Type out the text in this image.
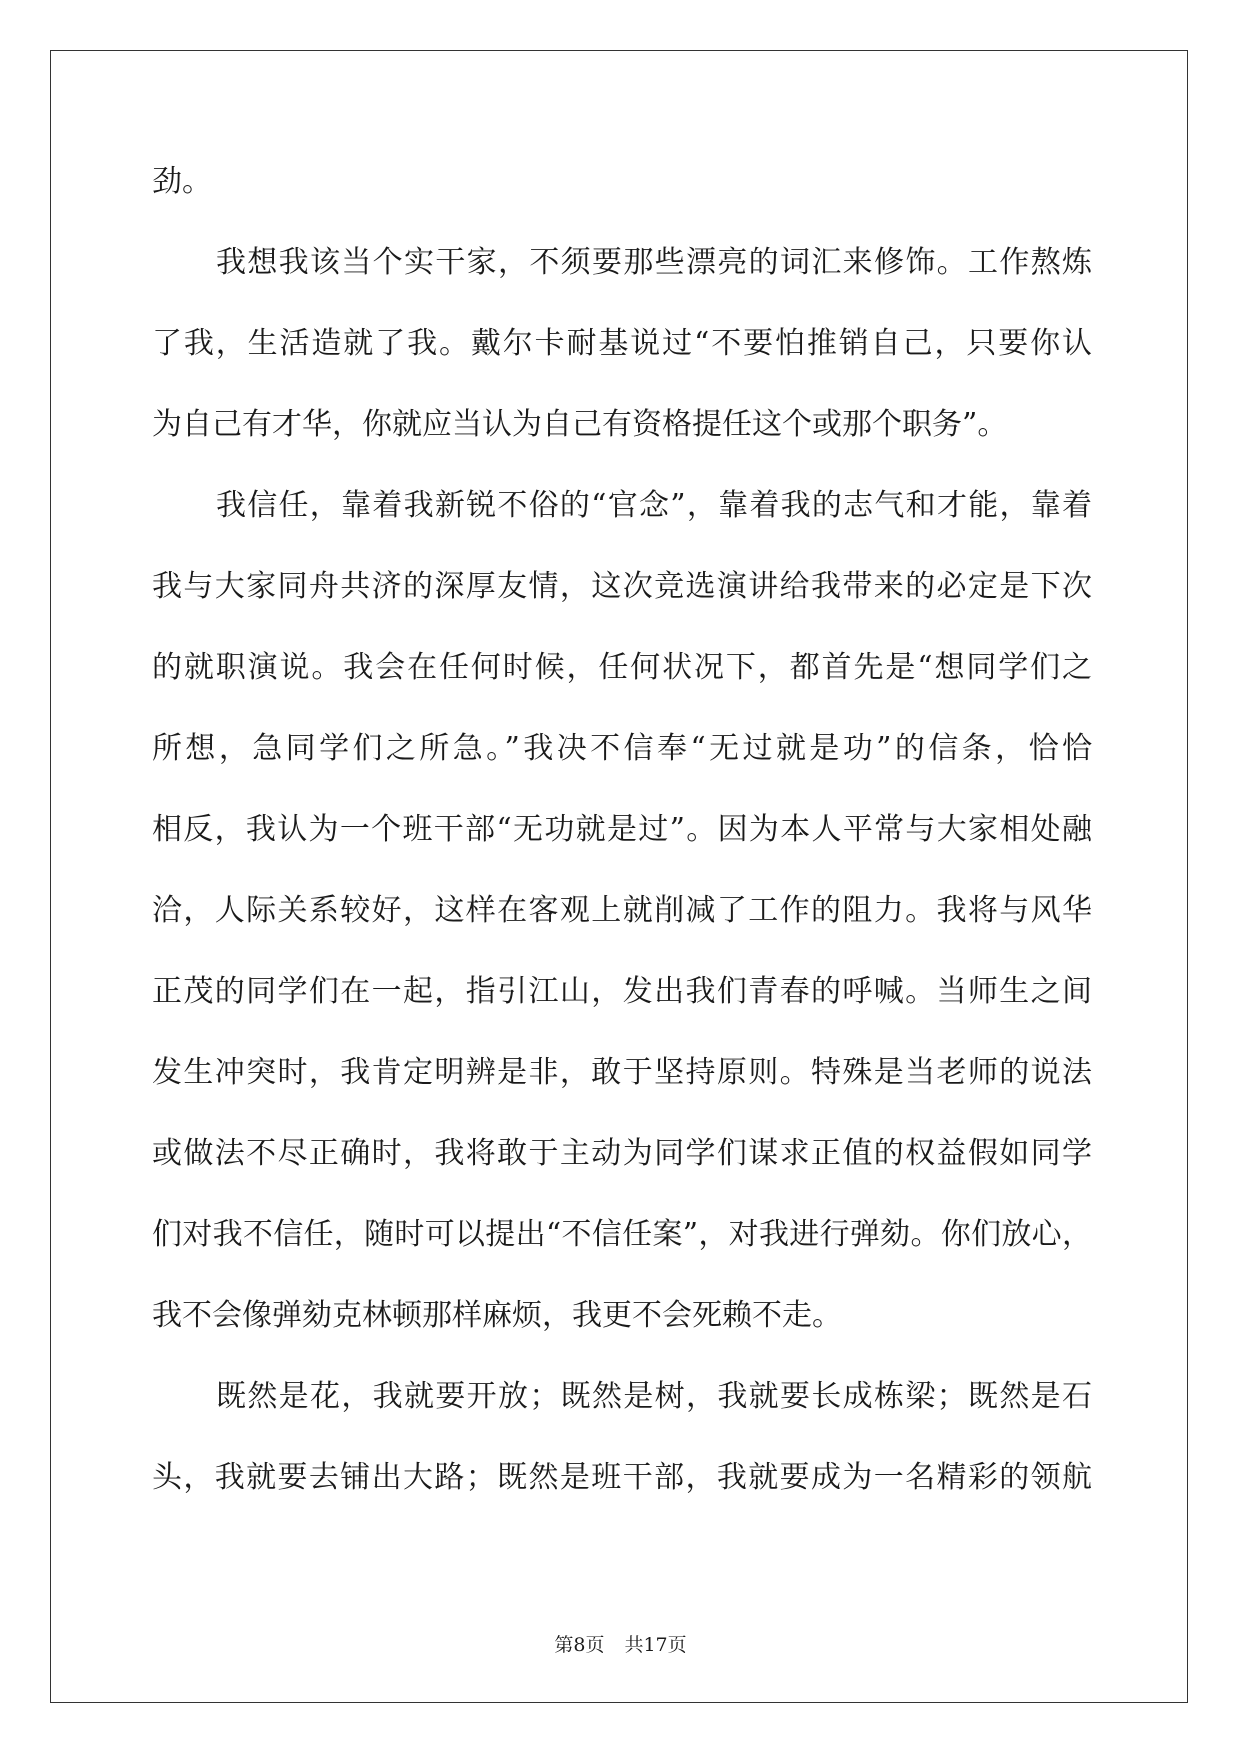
劲。
我想我该当个实干家，不须要那些漂亮的词汇来修饰。工作熬炼
了我，生活造就了我。戴尔卡耐基说过“不要怕推销自己，只要你认
为自己有才华，你就应当认为自己有资格提任这个或那个职务”。
我信任，靠着我新锐不俗的“官念”，靠着我的志气和才能，靠着
我与大家同舟共济的深厚友情，这次竞选演讲给我带来的必定是下次
的就职演说。我会在任何时候，任何状况下，都首先是“想同学们之
所想，急同学们之所急。”我决不信奉“无过就是功”的信条，恰恰
相反，我认为一个班干部“无功就是过”。因为本人平常与大家相处融
洽，人际关系较好，这样在客观上就削减了工作的阻力。我将与风华
正茂的同学们在一起，指引江山，发出我们青春的呼喊。当师生之间
发生冲突时，我肯定明辨是非，敢于坚持原则。特殊是当老师的说法
或做法不尽正确时，我将敢于主动为同学们谋求正值的权益假如同学
们对我不信任，随时可以提出“不信任案”，对我进行弹劾。你们放心，
我不会像弹劾克林顿那样麻烦，我更不会死赖不走。
既然是花，我就要开放；既然是树，我就要长成栋梁；既然是石
头，我就要去铺出大路；既然是班干部，我就要成为一名精彩的领航
第8页 共17页
